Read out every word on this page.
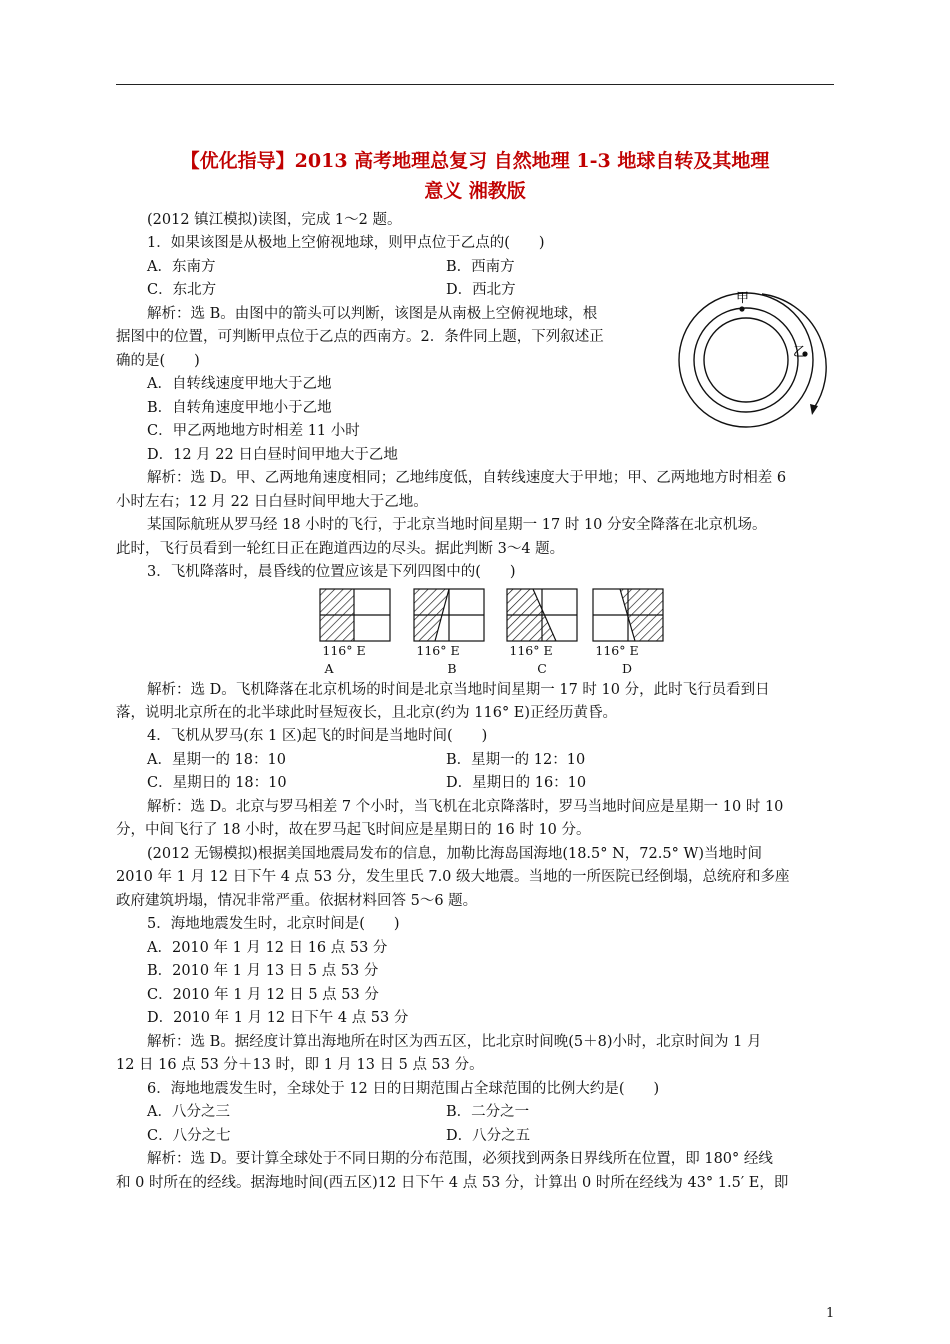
【优化指导】2013 高考地理总复习 自然地理 1-3 地球自转及其地理
意义 湘教版
(2012 镇江模拟)读图，完成 1～2 题。
1．如果该图是从极地上空俯视地球，则甲点位于乙点的(　　)
A．东南方	B．西南方
C．东北方	D．西北方
解析：选 B。由图中的箭头可以判断，该图是从南极上空俯视地球，根
据图中的位置，可判断甲点位于乙点的西南方。2．条件同上题，下列叙述正
确的是(　　)
A．自转线速度甲地大于乙地
B．自转角速度甲地小于乙地
C．甲乙两地地方时相差 11 小时
D．12 月 22 日白昼时间甲地大于乙地
甲
乙
解析：选 D。甲、乙两地角速度相同；乙地纬度低，自转线速度大于甲地；甲、乙两地地方时相差 6
小时左右；12 月 22 日白昼时间甲地大于乙地。
某国际航班从罗马经 18 小时的飞行，于北京当地时间星期一 17 时 10 分安全降落在北京机场。
此时，飞行员看到一轮红日正在跑道西边的尽头。据此判断 3～4 题。
3．飞机降落时，晨昏线的位置应该是下列四图中的(　　)
116° E	116° E	116° E	116° E
A	B	C	D
解析：选 D。飞机降落在北京机场的时间是北京当地时间星期一 17 时 10 分，此时飞行员看到日
落，说明北京所在的北半球此时昼短夜长，且北京(约为 116° E)正经历黄昏。
4．飞机从罗马(东 1 区)起飞的时间是当地时间(　　)
A．星期一的 18：10	B．星期一的 12：10
C．星期日的 18：10	D．星期日的 16：10
解析：选 D。北京与罗马相差 7 个小时，当飞机在北京降落时，罗马当地时间应是星期一 10 时 10
分，中间飞行了 18 小时，故在罗马起飞时间应是星期日的 16 时 10 分。
(2012 无锡模拟)根据美国地震局发布的信息，加勒比海岛国海地(18.5° N，72.5° W)当地时间
2010 年 1 月 12 日下午 4 点 53 分，发生里氏 7.0 级大地震。当地的一所医院已经倒塌，总统府和多座
政府建筑坍塌，情况非常严重。依据材料回答 5～6 题。
5．海地地震发生时，北京时间是(　　)
A．2010 年 1 月 12 日 16 点 53 分
B．2010 年 1 月 13 日 5 点 53 分
C．2010 年 1 月 12 日 5 点 53 分
D．2010 年 1 月 12 日下午 4 点 53 分
解析：选 B。据经度计算出海地所在时区为西五区，比北京时间晚(5＋8)小时，北京时间为 1 月
12 日 16 点 53 分＋13 时，即 1 月 13 日 5 点 53 分。
6．海地地震发生时，全球处于 12 日的日期范围占全球范围的比例大约是(　　)
A．八分之三	B．二分之一
C．八分之七	D．八分之五
解析：选 D。要计算全球处于不同日期的分布范围，必须找到两条日界线所在位置，即 180° 经线
和 0 时所在的经线。据海地时间(西五区)12 日下午 4 点 53 分，计算出 0 时所在经线为 43° 1.5′ E，即
1
